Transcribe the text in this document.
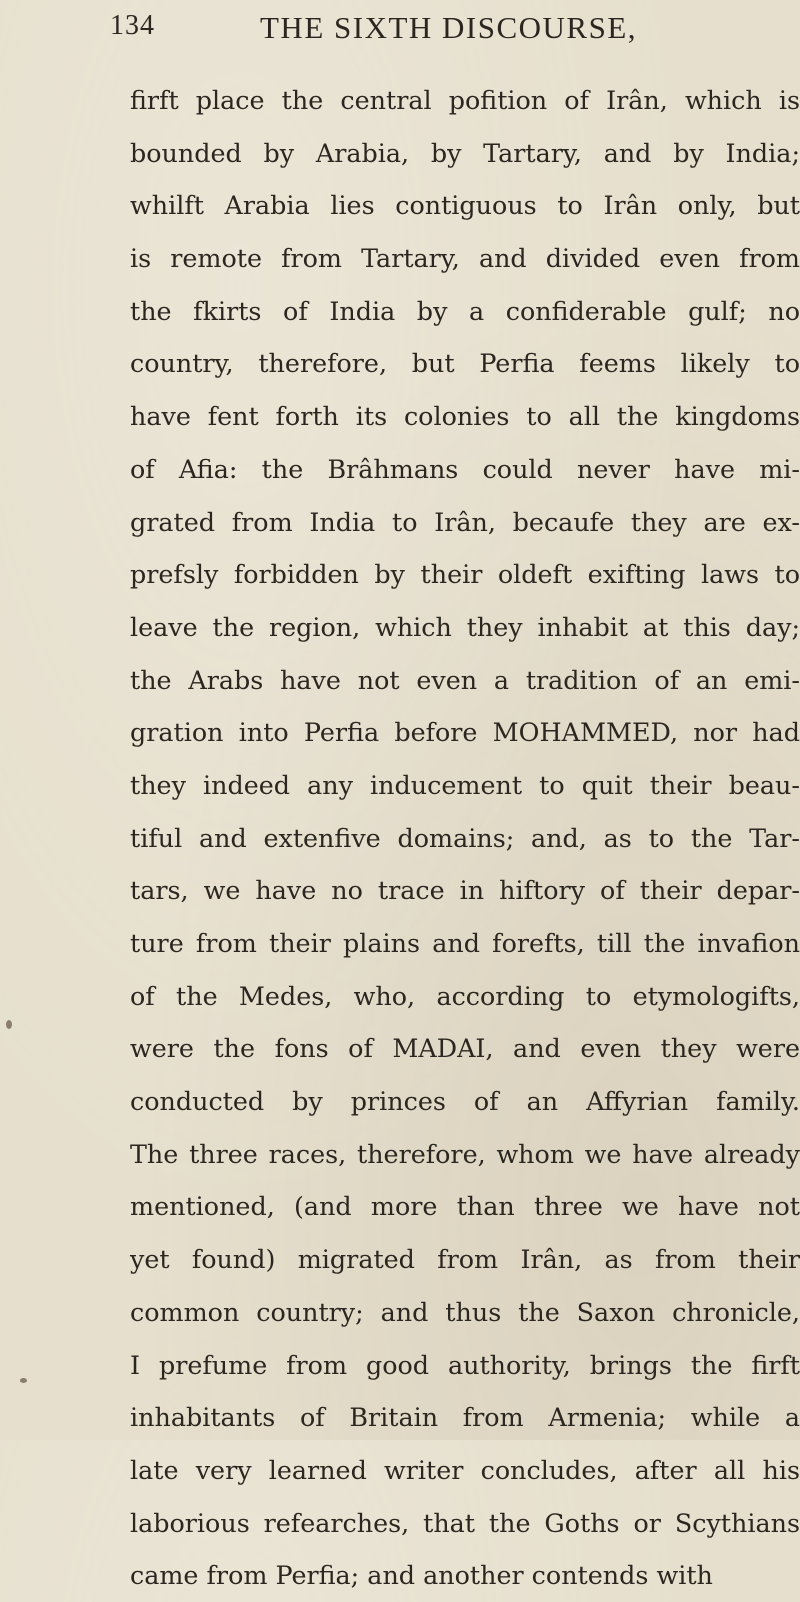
134	THE SIXTH DISCOURSE,
firft place the central pofition of Irân, which is
bounded by Arabia, by Tartary, and by India;
whilft Arabia lies contiguous to Irân only, but
is remote from Tartary, and divided even from
the fkirts of India by a confiderable gulf; no
country, therefore, but Perfia feems likely to
have fent forth its colonies to all the kingdoms
of Afia: the Brâhmans could never have mi-
grated from India to Irân, becaufe they are ex-
prefsly forbidden by their oldeft exifting laws to
leave the region, which they inhabit at this day;
the Arabs have not even a tradition of an emi-
gration into Perfia before MOHAMMED, nor had
they indeed any inducement to quit their beau-
tiful and extenfive domains; and, as to the Tar-
tars, we have no trace in hiftory of their depar-
ture from their plains and forefts, till the invafion
of the Medes, who, according to etymologifts,
were the fons of MADAI, and even they were
conducted by princes of an Affyrian family.
The three races, therefore, whom we have already
mentioned, (and more than three we have not
yet found) migrated from Irân, as from their
common country; and thus the Saxon chronicle,
I prefume from good authority, brings the firft
inhabitants of Britain from Armenia; while a
late very learned writer concludes, after all his
laborious refearches, that the Goths or Scythians
came from Perfia; and another contends with
